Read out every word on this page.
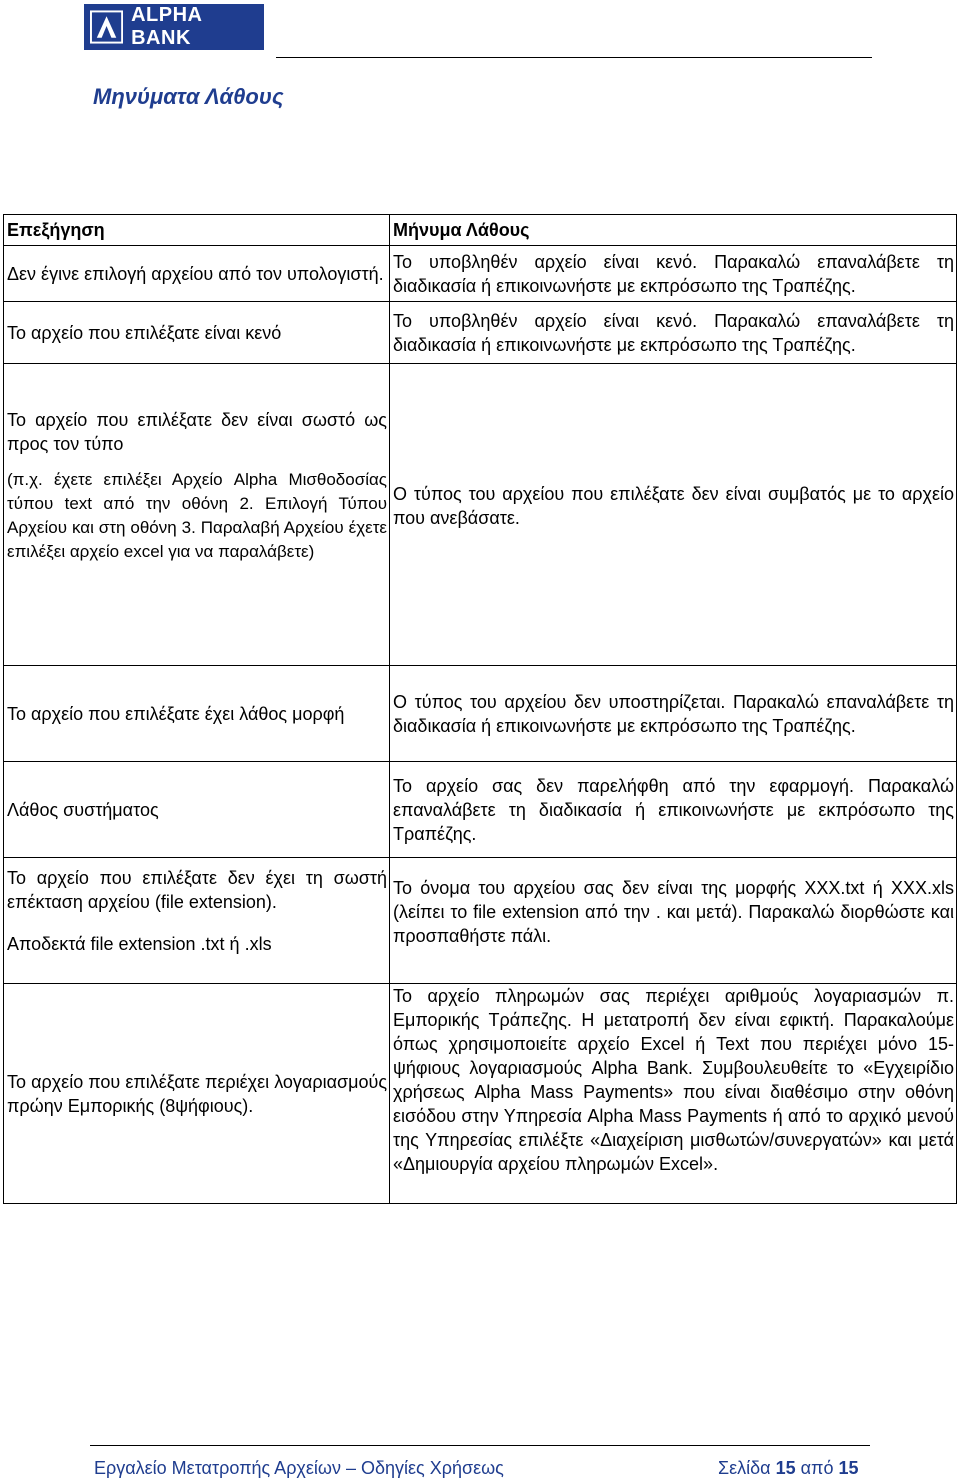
ALPHA BANK
Μηνύματα Λάθους
Επεξήγηση	Μήνυμα Λάθους
Δεν έγινε επιλογή αρχείου από τον υπολογιστή.	Το υποβληθέν αρχείο είναι κενό. Παρακαλώ επαναλάβετε τη διαδικασία ή επικοινωνήστε με εκπρόσωπο της Τραπέζης.
Το αρχείο που επιλέξατε είναι κενό	Το υποβληθέν αρχείο είναι κενό. Παρακαλώ επαναλάβετε τη διαδικασία ή επικοινωνήστε με εκπρόσωπο της Τραπέζης.

Το αρχείο που επιλέξατε δεν είναι σωστό ως προς τον τύπο
(π.χ. έχετε επιλέξει Αρχείο Alpha Μισθοδοσίας τύπου text από την οθόνη 2. Επιλογή Τύπου Αρχείου και στη οθόνη 3. Παραλαβή Αρχείου έχετε επιλέξει αρχείο excel για να παραλάβετε)	Ο τύπος του αρχείου που επιλέξατε δεν είναι συμβατός με το αρχείο που ανεβάσατε.
Το αρχείο που επιλέξατε έχει λάθος μορφή	Ο τύπος του αρχείου δεν υποστηρίζεται. Παρακαλώ επαναλάβετε τη διαδικασία ή επικοινωνήστε με εκπρόσωπο της Τραπέζης.
Λάθος συστήματος	Το αρχείο σας δεν παρελήφθη από την εφαρμογή. Παρακαλώ επαναλάβετε τη διαδικασία ή επικοινωνήστε με εκπρόσωπο της Τραπέζης.

Το αρχείο που επιλέξατε δεν έχει τη σωστή επέκταση αρχείου (file extension).
Αποδεκτά file extension .txt ή .xls	Το όνομα του αρχείου σας δεν είναι της μορφής XXX.txt ή XXX.xls (λείπει το file extension από την . και μετά). Παρακαλώ διορθώστε και προσπαθήστε πάλι.
Το αρχείο που επιλέξατε περιέχει λογαριασμούς πρώην Εμπορικής (8ψήφιους).	Το αρχείο πληρωμών σας περιέχει αριθμούς λογαριασμών π. Εμπορικής Τράπεζης. Η μετατροπή δεν είναι εφικτή. Παρακαλούμε όπως χρησιμοποιείτε αρχείο Excel ή Text που περιέχει μόνο 15-ψήφιους λογαριασμούς Alpha Bank. Συμβουλευθείτε το «Εγχειρίδιο χρήσεως Alpha Mass Payments» που είναι διαθέσιμο στην οθόνη εισόδου στην Υπηρεσία Alpha Mass Payments ή από το αρχικό μενού της Υπηρεσίας επιλέξτε «Διαχείριση μισθωτών/συνεργατών» και μετά «Δημιουργία αρχείου πληρωμών Excel».
Εργαλείο Μετατροπής Αρχείων – Οδηγίες Χρήσεως	Σελίδα 15 από 15
